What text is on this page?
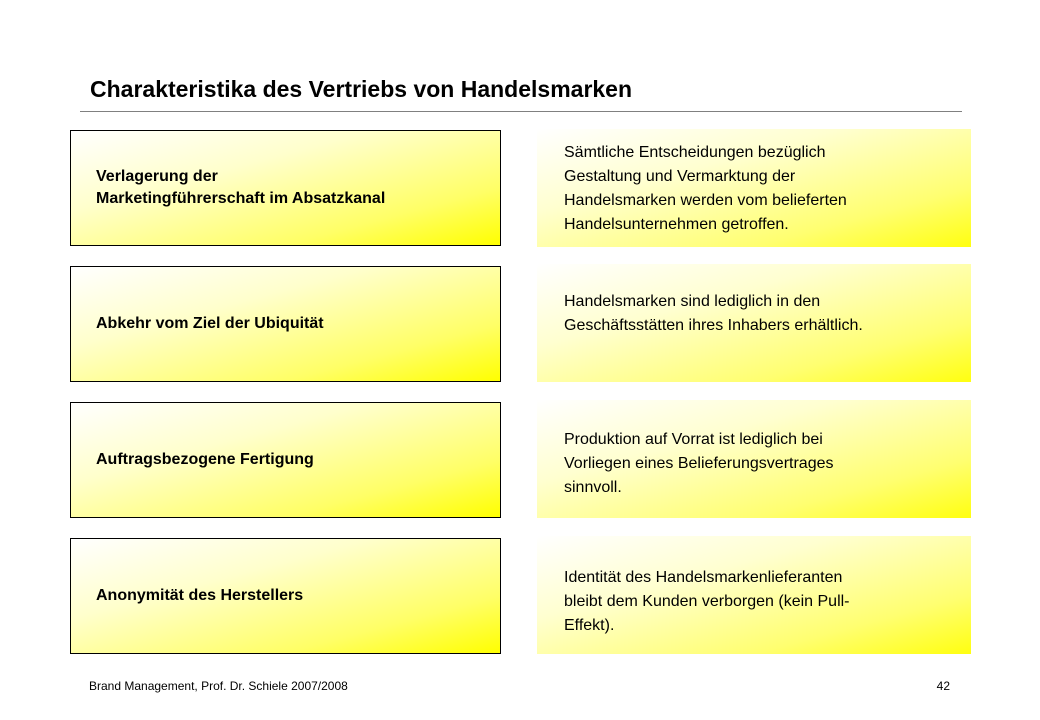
Charakteristika des Vertriebs von Handelsmarken
Verlagerung der
Marketingführerschaft im Absatzkanal
Sämtliche Entscheidungen bezüglich
Gestaltung und Vermarktung der
Handelsmarken werden vom belieferten
Handelsunternehmen getroffen.
Abkehr vom Ziel der Ubiquität
Handelsmarken sind lediglich in den
Geschäftsstätten ihres Inhabers erhältlich.
Auftragsbezogene Fertigung
Produktion auf Vorrat ist lediglich bei
Vorliegen eines Belieferungsvertrages
sinnvoll.
Anonymität des Herstellers
Identität des Handelsmarkenlieferanten
bleibt dem Kunden verborgen (kein Pull-
Effekt).
Brand Management, Prof. Dr. Schiele 2007/2008	42
